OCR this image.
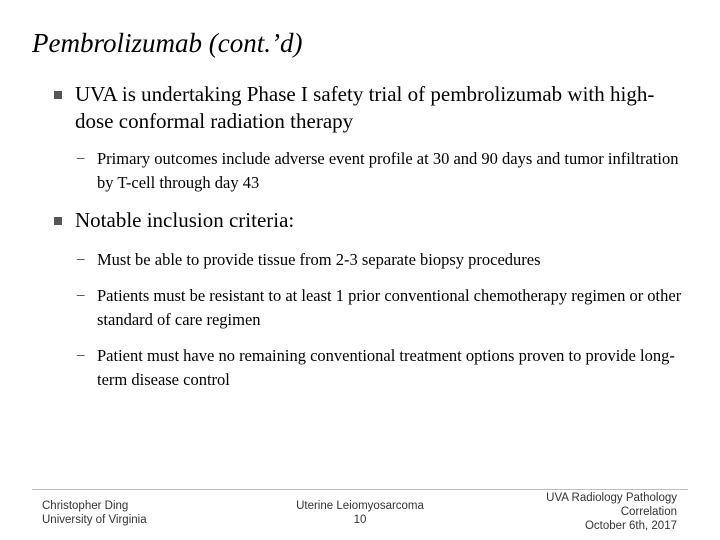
Pembrolizumab (cont.’d)
UVA is undertaking Phase I safety trial of pembrolizumab with high-dose conformal radiation therapy
− Primary outcomes include adverse event profile at 30 and 90 days and tumor infiltration by T-cell through day 43
Notable inclusion criteria:
− Must be able to provide tissue from 2-3 separate biopsy procedures
− Patients must be resistant to at least 1 prior conventional chemotherapy regimen or other standard of care regimen
− Patient must have no remaining conventional treatment options proven to provide long-term disease control
Christopher Ding
University of Virginia
Uterine Leiomyosarcoma
10
UVA Radiology Pathology
Correlation
October 6th, 2017
